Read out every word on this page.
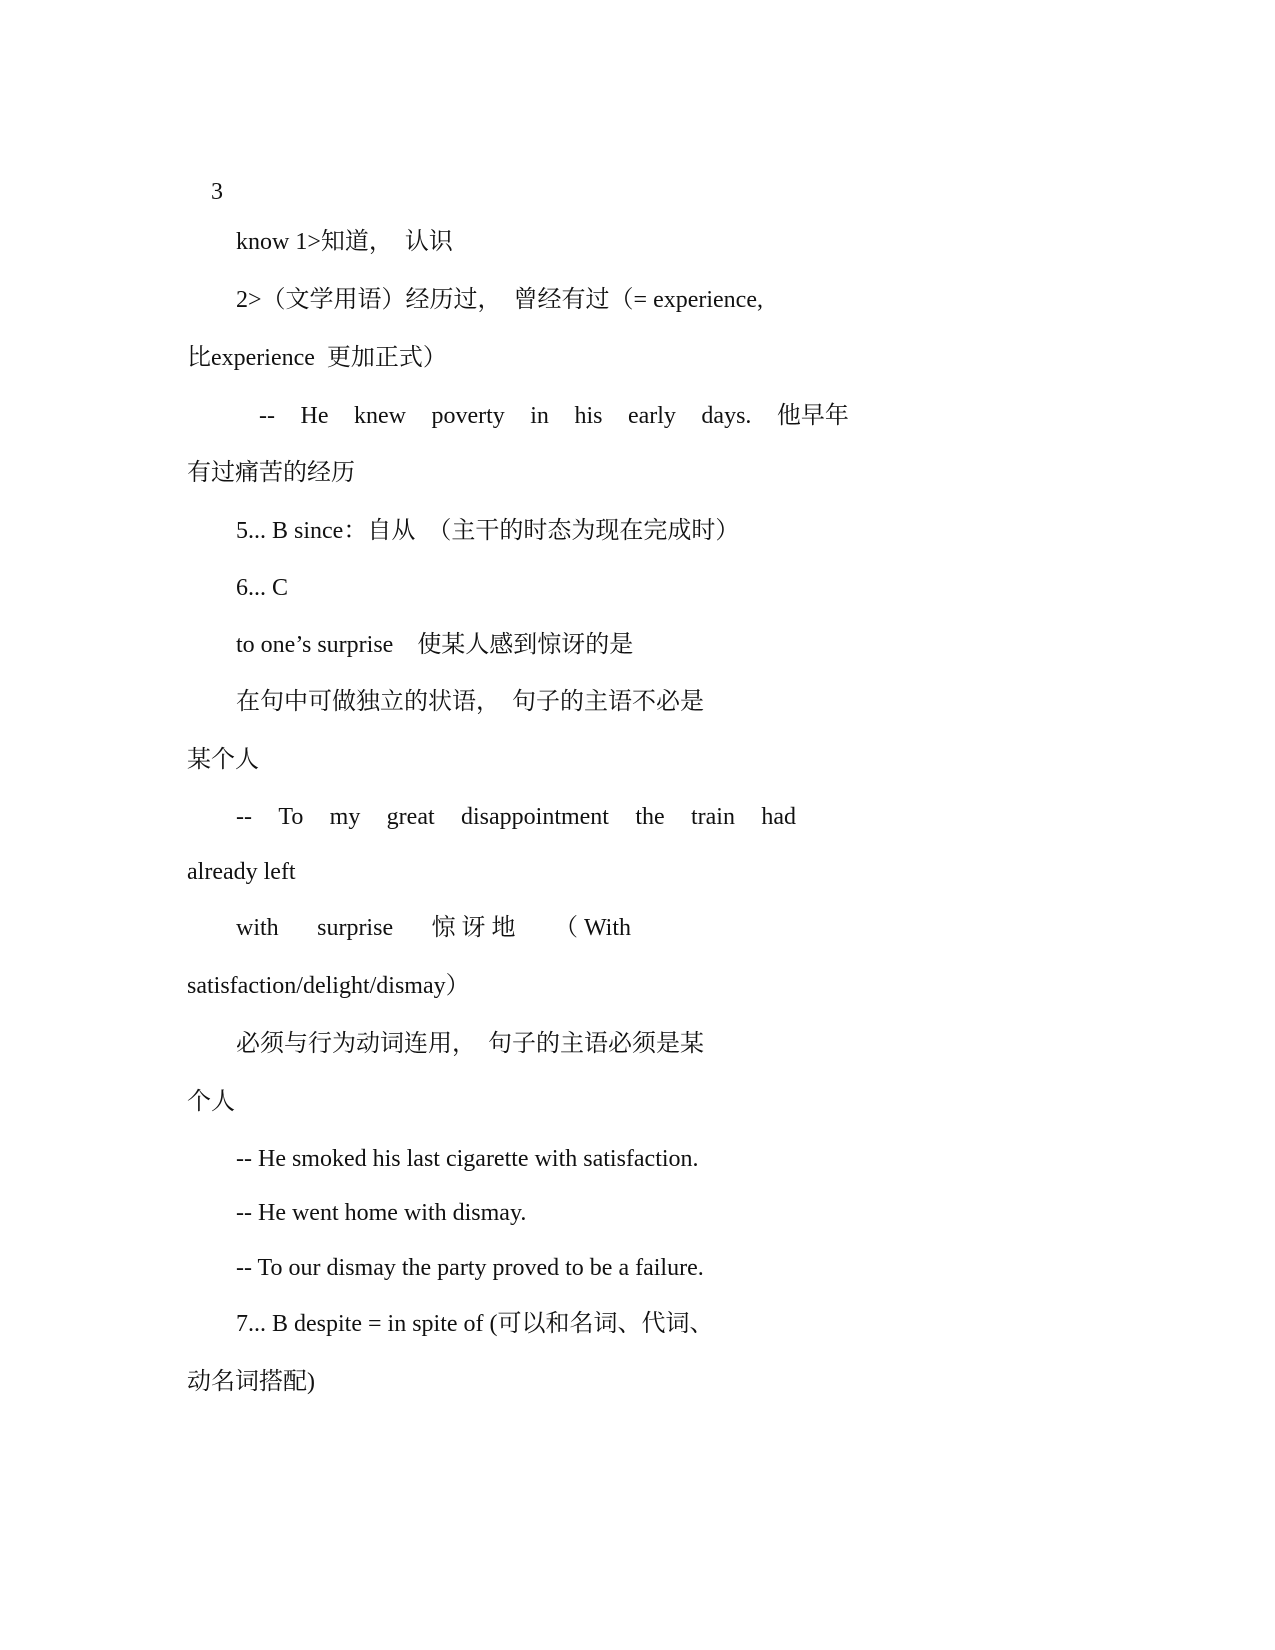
3
know 1>知道，  认识
2>（文学用语）经历过，  曾经有过（= experience,
比experience  更加正式）
-- He knew poverty in his early days. 他早年
有过痛苦的经历
5... B since：自从  （主干的时态为现在完成时）
6... C
to one’s surprise    使某人感到惊讶的是
在句中可做独立的状语，  句子的主语不必是
某个人
-- To my great disappointment the train had
already left
with surprise 惊 讶 地 （ With
satisfaction/delight/dismay）
必须与行为动词连用，  句子的主语必须是某
个人
-- He smoked his last cigarette with satisfaction.
-- He went home with dismay.
-- To our dismay the party proved to be a failure.
7... B despite = in spite of (可以和名词、代词、
动名词搭配)
